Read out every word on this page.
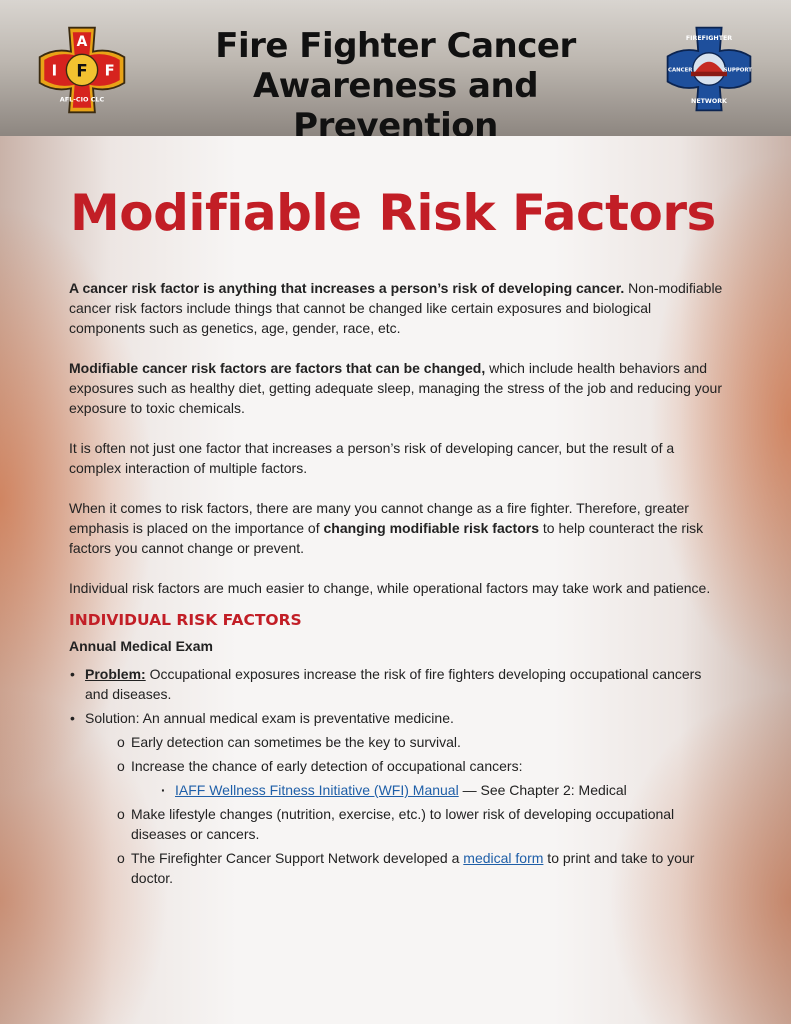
A
I F F
AFL-CIO CLC
Fire Fighter Cancer
Awareness and Prevention
FIREFIGHTER
CANCER	SUPPORT
NETWORK
Modifiable Risk Factors

A cancer risk factor is anything that increases a person’s risk of developing cancer. Non-modifiable cancer risk factors include things that cannot be changed like certain exposures and biological components such as genetics, age, gender, race, etc.

Modifiable cancer risk factors are factors that can be changed, which include health behaviors and exposures such as healthy diet, getting adequate sleep, managing the stress of the job and reducing your exposure to toxic chemicals.

It is often not just one factor that increases a person’s risk of developing cancer, but the result of a complex interaction of multiple factors.

When it comes to risk factors, there are many you cannot change as a fire fighter. Therefore, greater emphasis is placed on the importance of changing modifiable risk factors to help counteract the risk factors you cannot change or prevent.

Individual risk factors are much easier to change, while operational factors may take work and patience.

INDIVIDUAL RISK FACTORS
Annual Medical Exam
• Problem: Occupational exposures increase the risk of fire fighters developing occupational cancers and diseases.
• Solution: An annual medical exam is preventative medicine.
o Early detection can sometimes be the key to survival.
o Increase the chance of early detection of occupational cancers:
· IAFF Wellness Fitness Initiative (WFI) Manual — See Chapter 2: Medical
o Make lifestyle changes (nutrition, exercise, etc.) to lower risk of developing occupational diseases or cancers.
o The Firefighter Cancer Support Network developed a medical form to print and take to your doctor.
